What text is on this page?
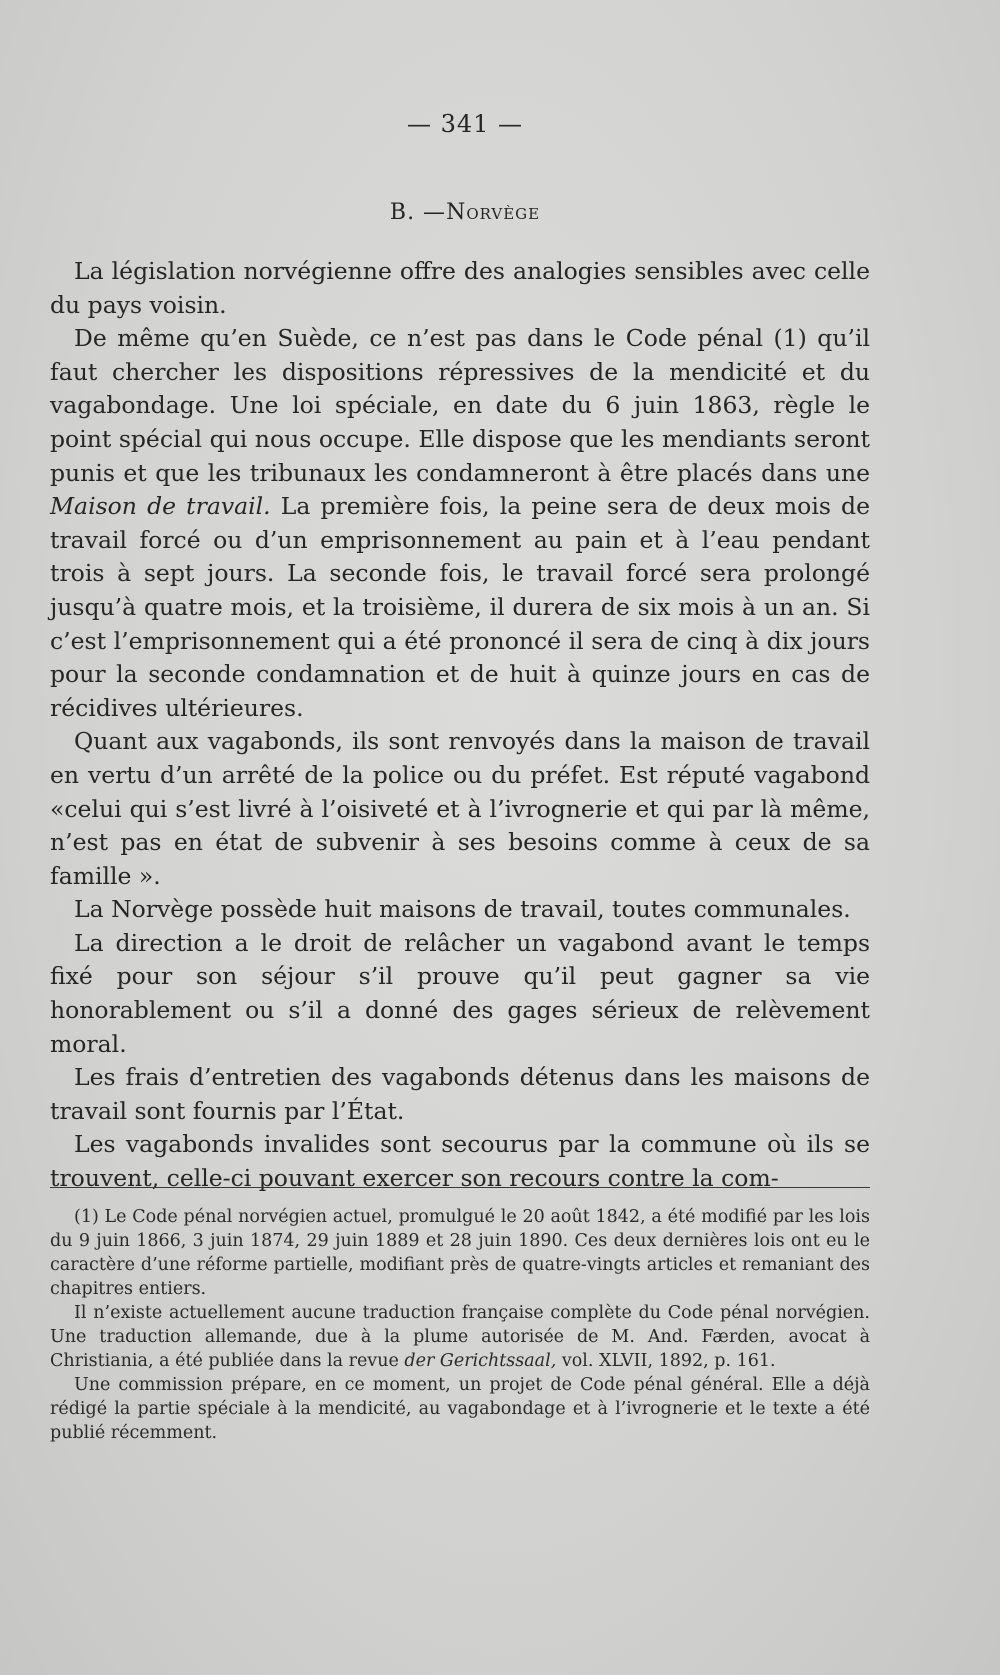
— 341 —
B. —Norvège

La législation norvégienne offre des analogies sensibles avec celle du pays voisin.

De même qu’en Suède, ce n’est pas dans le Code pénal (1) qu’il faut chercher les dispositions répressives de la mendicité et du vagabondage. Une loi spéciale, en date du 6 juin 1863, règle le point spécial qui nous occupe. Elle dispose que les mendiants seront punis et que les tribunaux les condamneront à être placés dans une Maison de travail. La première fois, la peine sera de deux mois de travail forcé ou d’un emprisonnement au pain et à l’eau pendant trois à sept jours. La seconde fois, le travail forcé sera prolongé jusqu’à quatre mois, et la troisième, il durera de six mois à un an. Si c’est l’emprisonnement qui a été prononcé il sera de cinq à dix jours pour la seconde condamnation et de huit à quinze jours en cas de récidives ultérieures.

Quant aux vagabonds, ils sont renvoyés dans la maison de travail en vertu d’un arrêté de la police ou du préfet. Est réputé vagabond «celui qui s’est livré à l’oisiveté et à l’ivrognerie et qui par là même, n’est pas en état de subvenir à ses besoins comme à ceux de sa famille ».

La Norvège possède huit maisons de travail, toutes communales.

La direction a le droit de relâcher un vagabond avant le temps fixé pour son séjour s’il prouve qu’il peut gagner sa vie honorablement ou s’il a donné des gages sérieux de relèvement moral.

Les frais d’entretien des vagabonds détenus dans les maisons de travail sont fournis par l’État.

Les vagabonds invalides sont secourus par la commune où ils se trouvent, celle-ci pouvant exercer son recours contre la com-

(1) Le Code pénal norvégien actuel, promulgué le 20 août 1842, a été modifié par les lois du 9 juin 1866, 3 juin 1874, 29 juin 1889 et 28 juin 1890. Ces deux dernières lois ont eu le caractère d’une réforme partielle, modifiant près de quatre-vingts articles et remaniant des chapitres entiers.

Il n’existe actuellement aucune traduction française complète du Code pénal norvégien. Une traduction allemande, due à la plume autorisée de M. And. Færden, avocat à Christiania, a été publiée dans la revue der Gerichtssaal, vol. XLVII, 1892, p. 161.

Une commission prépare, en ce moment, un projet de Code pénal général. Elle a déjà rédigé la partie spéciale à la mendicité, au vagabondage et à l’ivrognerie et le texte a été publié récemment.
